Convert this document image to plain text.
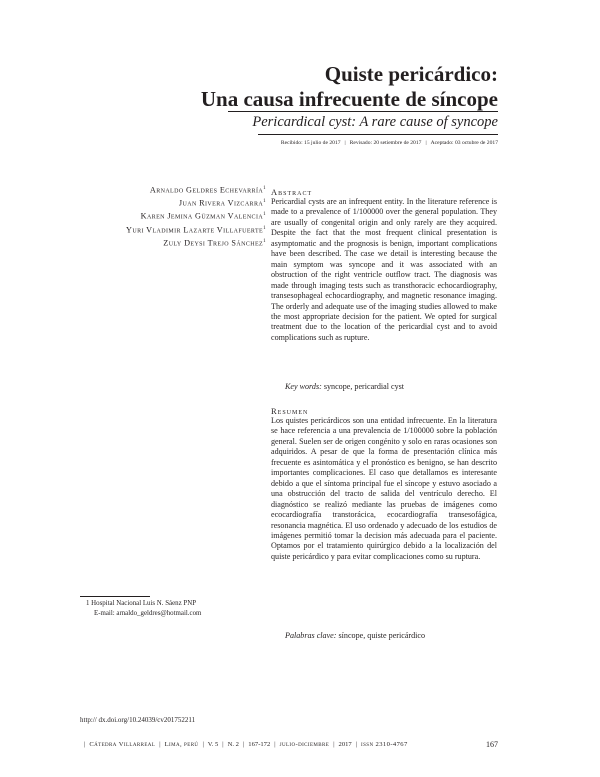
Quiste pericárdico:
Una causa infrecuente de síncope
Pericardical cyst: A rare cause of syncope
Recibido: 15 julio de 2017 | Revisado: 20 setiembre de 2017 | Aceptado: 03 octubre de 2017
Arnaldo Geldres Echevarría$^1$
Juan Rivera Vizcarra$^1$
Karen Jemina Güzman Valencia$^1$
Yuri Vladimir Lazarte Villafuerte$^1$
Zuly Deysi Trejo Sánchez$^1$
Abstract
Pericardial cysts are an infrequent entity. In the literature reference is made to a prevalence of 1/100000 over the general population. They are usually of congenital origin and only rarely are they acquired. Despite the fact that the most frequent clinical presentation is asymptomatic and the prognosis is benign, important complications have been described. The case we detail is interesting because the main symptom was syncope and it was associated with an obstruction of the right ventricle outflow tract. The diagnosis was made through imaging tests such as transthoracic echocardiography, transesophageal echocardiography, and magnetic resonance imaging. The orderly and adequate use of the imaging studies allowed to make the most appropriate decision for the patient. We opted for surgical treatment due to the location of the pericardial cyst and to avoid complications such as rupture.
Key words: syncope, pericardial cyst
Resumen
Los quistes pericárdicos son una entidad infrecuente. En la literatura se hace referencia a una prevalencia de 1/100000 sobre la población general. Suelen ser de origen congénito y solo en raras ocasiones son adquiridos. A pesar de que la forma de presentación clínica más frecuente es asintomática y el pronóstico es benigno, se han descrito importantes complicaciones. El caso que detallamos es interesante debido a que el síntoma principal fue el síncope y estuvo asociado a una obstrucción del tracto de salida del ventrículo derecho. El diagnóstico se realizó mediante las pruebas de imágenes como ecocardiografía transtorácica, ecocardiografía transesofágica, resonancia magnética. El uso ordenado y adecuado de los estudios de imágenes permitió tomar la decision más adecuada para el paciente. Optamos por el tratamiento quirúrgico debido a la localización del quiste pericárdico y para evitar complicaciones como su ruptura.
Palabras clave: síncope, quiste pericárdico
1 Hospital Nacional Luis N. Sáenz PNP
E-mail: arnaldo_geldres@hotmail.com
http:// dx.doi.org/10.24039/cv201752211
| Cátedra Villarreal | Lima, perú | V. 5 | N. 2 | 167-172 | julio-diciembre | 2017 | issn 2310-4767	167
